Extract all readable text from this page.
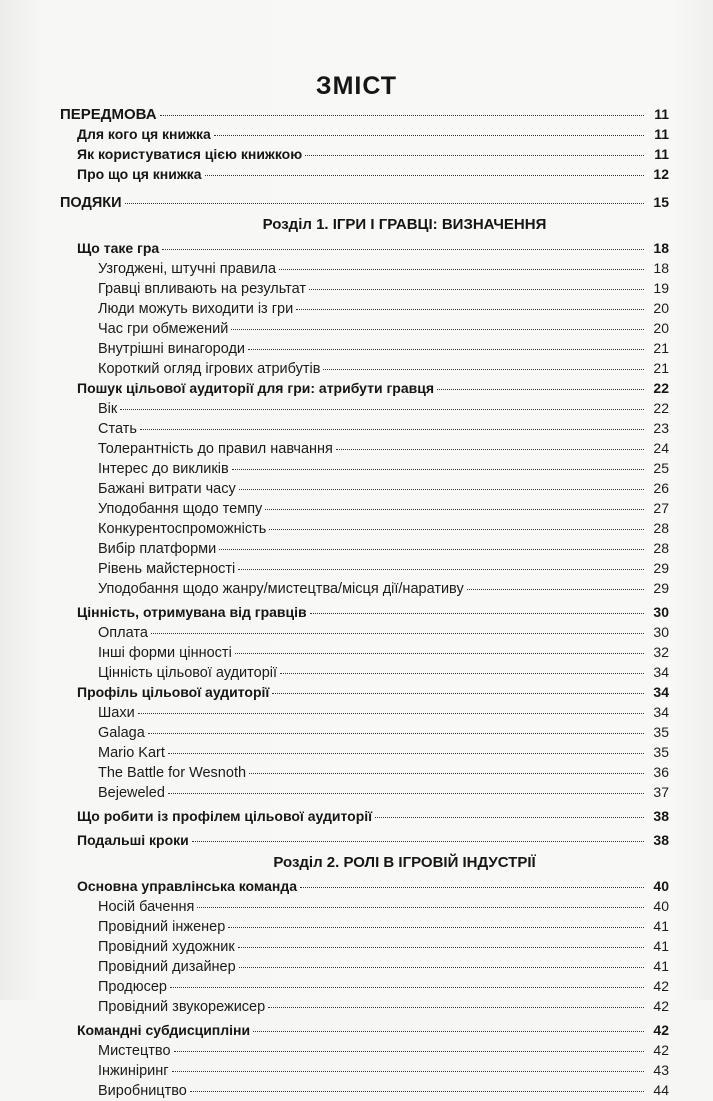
ЗМІСТ
ПЕРЕДМОВА	11
Для кого ця книжка	11
Як користуватися цією книжкою	11
Про що ця книжка	12
ПОДЯКИ	15
Розділ 1. ІГРИ І ГРАВЦІ: ВИЗНАЧЕННЯ
Що таке гра	18
Узгоджені, штучні правила	18
Гравці впливають на результат	19
Люди можуть виходити із гри	20
Час гри обмежений	20
Внутрішні винагороди	21
Короткий огляд ігрових атрибутів	21
Пошук цільової аудиторії для гри: атрибути гравця	22
Вік	22
Стать	23
Толерантність до правил навчання	24
Інтерес до викликів	25
Бажані витрати часу	26
Уподобання щодо темпу	27
Конкурентоспроможність	28
Вибір платформи	28
Рівень майстерності	29
Уподобання щодо жанру/мистецтва/місця дії/наративу	29
Цінність, отримувана від гравців	30
Оплата	30
Інші форми цінності	32
Цінність цільової аудиторії	34
Профіль цільової аудиторії	34
Шахи	34
Galaga	35
Mario Kart	35
The Battle for Wesnoth	36
Bejeweled	37
Що робити із профілем цільової аудиторії	38
Подальші кроки	38
Розділ 2. РОЛІ В ІГРОВІЙ ІНДУСТРІЇ
Основна управлінська команда	40
Носій бачення	40
Провідний інженер	41
Провідний художник	41
Провідний дизайнер	41
Продюсер	42
Провідний звукорежисер	42
Командні субдисципліни	42
Мистецтво	42
Інжиніринг	43
Виробництво	44
